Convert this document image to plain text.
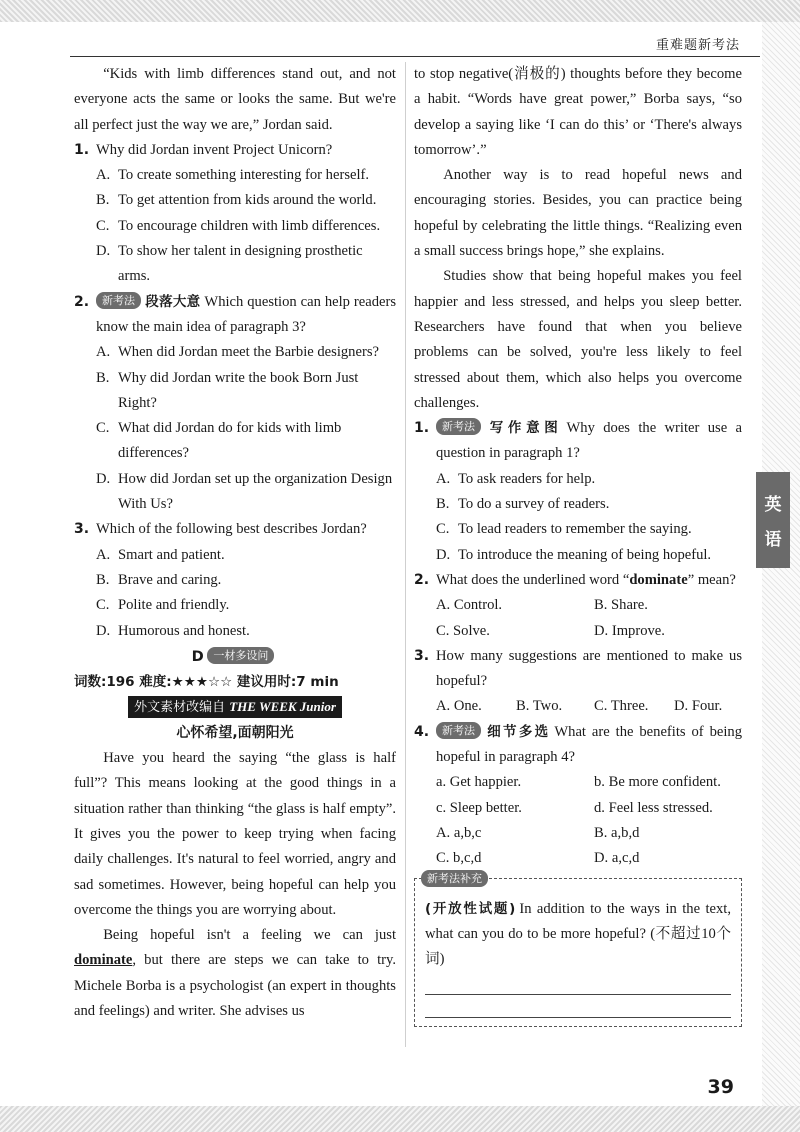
重难题新考法

“Kids with limb differences stand out, and not everyone acts the same or looks the same. But we're all perfect just the way we are,” Jordan said.

1. Why did Jordan invent Project Unicorn?
A. To create something interesting for herself.
B. To get attention from kids around the world.
C. To encourage children with limb differences.
D. To show her talent in designing prosthetic arms.
2.	新考法 段落大意 Which question can help readers know the main idea of paragraph 3?
A. When did Jordan meet the Barbie designers?
B. Why did Jordan write the book Born Just Right?
C. What did Jordan do for kids with limb differences?
D. How did Jordan set up the organization Design With Us?
3. Which of the following best describes Jordan?
A. Smart and patient.
B. Brave and caring.
C. Polite and friendly.
D. Humorous and honest.
D 一材多设问
词数:196 难度:★★★☆☆ 建议用时:7 min
外文素材改编自 THE WEEK Junior
心怀希望,面朝阳光

Have you heard the saying “the glass is half full”? This means looking at the good things in a situation rather than thinking “the glass is half empty”. It gives you the power to keep trying when facing daily challenges. It's natural to feel worried, angry and sad sometimes. However, being hopeful can help you overcome the things you are worrying about.

Being hopeful isn't a feeling we can just dominate, but there are steps we can take to try. Michele Borba is a psychologist (an expert in thoughts and feelings) and writer. She advises us

to stop negative(消极的) thoughts before they become a habit. “Words have great power,” Borba says, “so develop a saying like ‘I can do this’ or ‘There's always tomorrow’.”

Another way is to read hopeful news and encouraging stories. Besides, you can practice being hopeful by celebrating the little things. “Realizing even a small success brings hope,” she explains.

Studies show that being hopeful makes you feel happier and less stressed, and helps you sleep better. Researchers have found that when you believe problems can be solved, you're less likely to feel stressed about them, which also helps you overcome challenges.

1.	新考法 写作意图 Why does the writer use a question in paragraph 1?
A. To ask readers for help.
B. To do a survey of readers.
C. To lead readers to remember the saying.
D. To introduce the meaning of being hopeful.
2. What does the underlined word “dominate” mean?
A. Control.	B. Share.
C. Solve.	D. Improve.
3. How many suggestions are mentioned to make us hopeful?
A. One.	B. Two.	C. Three.	D. Four.
4.	新考法 细节多选 What are the benefits of being hopeful in paragraph 4?
a. Get happier.	b. Be more confident.
c. Sleep better.	d. Feel less stressed.
A. a,b,c	B. a,b,d
C. b,c,d	D. a,c,d
新考法补充

(开放性试题) In addition to the ways in the text, what can you do to be more hopeful? (不超过10个词)

英
语
39
